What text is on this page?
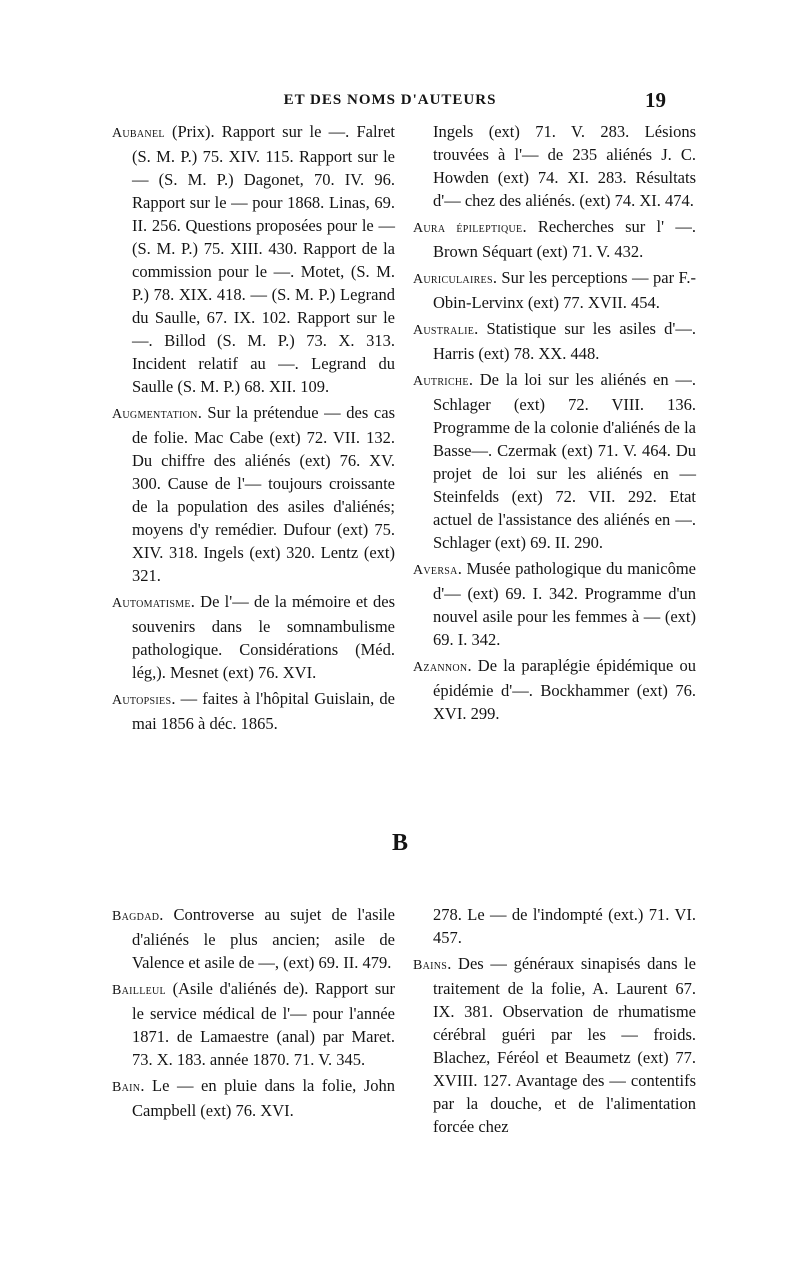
ET DES NOMS D'AUTEURS	19

Aubanel (Prix). Rapport sur le —. Falret (S. M. P.) 75. XIV. 115. Rapport sur le — (S. M. P.) Dagonet, 70. IV. 96. Rapport sur le — pour 1868. Linas, 69. II. 256. Questions proposées pour le — (S. M. P.) 75. XIII. 430. Rapport de la commission pour le —. Motet, (S. M. P.) 78. XIX. 418. — (S. M. P.) Legrand du Saulle, 67. IX. 102. Rapport sur le —. Billod (S. M. P.) 73. X. 313. Incident relatif au —. Legrand du Saulle (S. M. P.) 68. XII. 109.

Augmentation. Sur la prétendue — des cas de folie. Mac Cabe (ext) 72. VII. 132. Du chiffre des aliénés (ext) 76. XV. 300. Cause de l'— toujours croissante de la population des asiles d'aliénés; moyens d'y remédier. Dufour (ext) 75. XIV. 318. Ingels (ext) 320. Lentz (ext) 321.

Automatisme. De l'— de la mémoire et des souvenirs dans le somnambulisme pathologique. Considérations (Méd. lég,). Mesnet (ext) 76. XVI.

Autopsies. — faites à l'hôpital Guislain, de mai 1856 à déc. 1865.

Ingels (ext) 71. V. 283. Lésions trouvées à l'— de 235 aliénés J. C. Howden (ext) 74. XI. 283. Résultats d'— chez des aliénés. (ext) 74. XI. 474.

Aura épileptique. Recherches sur l' —. Brown Séquart (ext) 71. V. 432.

Auriculaires. Sur les perceptions — par F.-Obin-Lervinx (ext) 77. XVII. 454.

Australie. Statistique sur les asiles d'—. Harris (ext) 78. XX. 448.

Autriche. De la loi sur les aliénés en —. Schlager (ext) 72. VIII. 136. Programme de la colonie d'aliénés de la Basse—. Czermak (ext) 71. V. 464. Du projet de loi sur les aliénés en — Steinfelds (ext) 72. VII. 292. Etat actuel de l'assistance des aliénés en —. Schlager (ext) 69. II. 290.

Aversa. Musée pathologique du manicôme d'— (ext) 69. I. 342. Programme d'un nouvel asile pour les femmes à — (ext) 69. I. 342.

Azannon. De la paraplégie épidémique ou épidémie d'—. Bockhammer (ext) 76. XVI. 299.

B

Bagdad. Controverse au sujet de l'asile d'aliénés le plus ancien; asile de Valence et asile de —, (ext) 69. II. 479.

Bailleul (Asile d'aliénés de). Rapport sur le service médical de l'— pour l'année 1871. de Lamaestre (anal) par Maret. 73. X. 183. année 1870. 71. V. 345.

Bain. Le — en pluie dans la folie, John Campbell (ext) 76. XVI.

278. Le — de l'indompté (ext.) 71. VI. 457.

Bains. Des — généraux sinapisés dans le traitement de la folie, A. Laurent 67. IX. 381. Observation de rhumatisme cérébral guéri par les — froids. Blachez, Féréol et Beaumetz (ext) 77. XVIII. 127. Avantage des — contentifs par la douche, et de l'alimentation forcée chez
